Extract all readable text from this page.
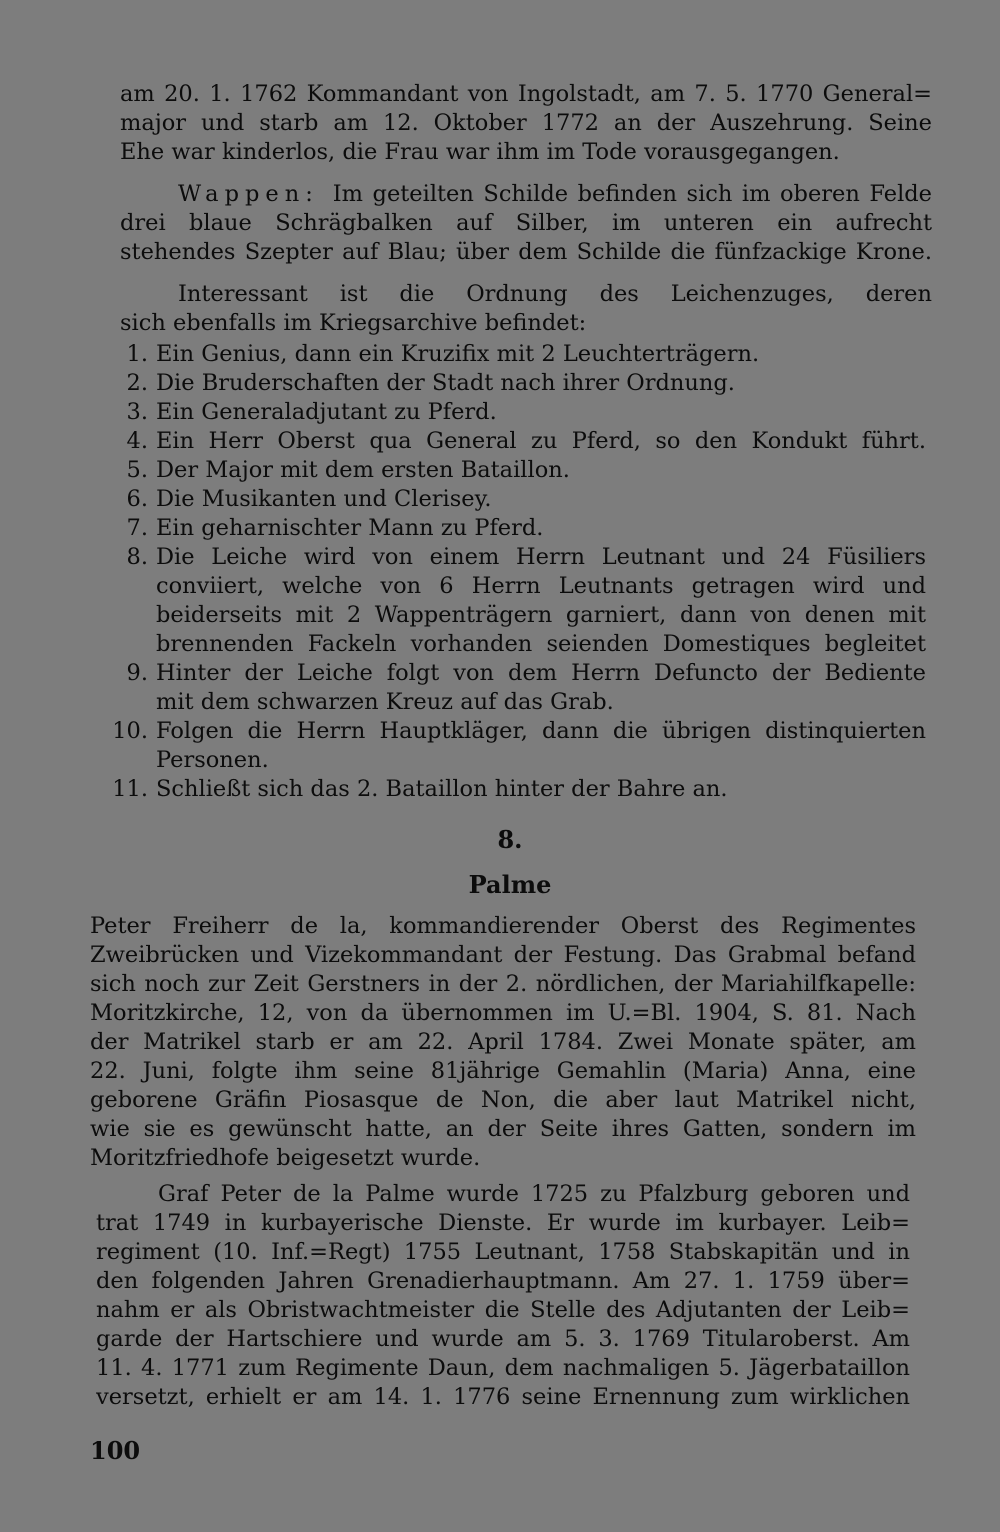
am 20. 1. 1762 Kommandant von Ingolstadt, am 7. 5. 1770 General=
major und starb am 12. Oktober 1772 an der Auszehrung. Seine
Ehe war kinderlos, die Frau war ihm im Tode vorausgegangen.
Wappen: Im geteilten Schilde befinden sich im oberen Felde
drei blaue Schrägbalken auf Silber, im unteren ein aufrecht
stehendes Szepter auf Blau; über dem Schilde die fünfzackige Krone.
Interessant ist die Ordnung des Leichenzuges, deren
sich ebenfalls im Kriegsarchive befindet:
1. Ein Genius, dann ein Kruzifix mit 2 Leuchterträgern.
2. Die Bruderschaften der Stadt nach ihrer Ordnung.
3. Ein Generaladjutant zu Pferd.
4. Ein Herr Oberst qua General zu Pferd, so den Kondukt führt.
5. Der Major mit dem ersten Bataillon.
6. Die Musikanten und Clerisey.
7. Ein geharnischter Mann zu Pferd.
8. Die Leiche wird von einem Herrn Leutnant und 24 Füsiliers
conviiert, welche von 6 Herrn Leutnants getragen wird und
beiderseits mit 2 Wappenträgern garniert, dann von denen mit
brennenden Fackeln vorhanden seienden Domestiques begleitet
9. Hinter der Leiche folgt von dem Herrn Defuncto der Bediente
mit dem schwarzen Kreuz auf das Grab.
10. Folgen die Herrn Hauptkläger, dann die übrigen distinquierten
Personen.
11. Schließt sich das 2. Bataillon hinter der Bahre an.
8.
Palme
Peter Freiherr de la, kommandierender Oberst des Regimentes
Zweibrücken und Vizekommandant der Festung. Das Grabmal befand
sich noch zur Zeit Gerstners in der 2. nördlichen, der Mariahilfkapelle:
Moritzkirche, 12, von da übernommen im U.=Bl. 1904, S. 81. Nach
der Matrikel starb er am 22. April 1784. Zwei Monate später, am
22. Juni, folgte ihm seine 81jährige Gemahlin (Maria) Anna, eine
geborene Gräfin Piosasque de Non, die aber laut Matrikel nicht,
wie sie es gewünscht hatte, an der Seite ihres Gatten, sondern im
Moritzfriedhofe beigesetzt wurde.
Graf Peter de la Palme wurde 1725 zu Pfalzburg geboren und
trat 1749 in kurbayerische Dienste. Er wurde im kurbayer. Leib=
regiment (10. Inf.=Regt) 1755 Leutnant, 1758 Stabskapitän und in
den folgenden Jahren Grenadierhauptmann. Am 27. 1. 1759 über=
nahm er als Obristwachtmeister die Stelle des Adjutanten der Leib=
garde der Hartschiere und wurde am 5. 3. 1769 Titularoberst. Am
11. 4. 1771 zum Regimente Daun, dem nachmaligen 5. Jägerbataillon
versetzt, erhielt er am 14. 1. 1776 seine Ernennung zum wirklichen
100
